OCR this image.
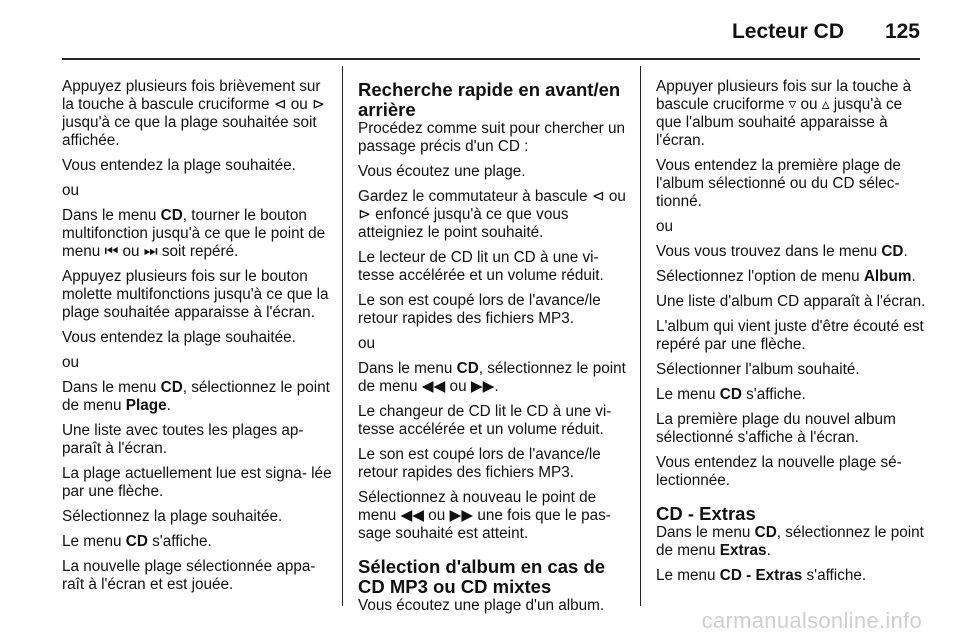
Lecteur CD 125

Appuyez plusieurs fois brièvement sur la touche à bascule cruciforme ⊲ ou ⊳ jusqu'à ce que la plage souhaitée soit affichée.

Vous entendez la plage souhaitée.

ou

Dans le menu CD, tourner le bouton multifonction jusqu'à ce que le point de menu ⏮ ou ⏭ soit repéré.

Appuyez plusieurs fois sur le bouton molette multifonctions jusqu'à ce que la plage souhaitée apparaisse à l'écran.

Vous entendez la plage souhaitée.

ou

Dans le menu CD, sélectionnez le point de menu Plage.

Une liste avec toutes les plages ap‐ paraît à l'écran.

La plage actuellement lue est signa‐ lée par une flèche.

Sélectionnez la plage souhaitée.

Le menu CD s'affiche.

La nouvelle plage sélectionnée appa‐ raît à l'écran et est jouée.

Recherche rapide en avant/en arrière

Procédez comme suit pour chercher un passage précis d'un CD :

Vous écoutez une plage.

Gardez le commutateur à bascule ⊲ ou ⊳ enfoncé jusqu'à ce que vous atteigniez le point souhaité.

Le lecteur de CD lit un CD à une vi‐ tesse accélérée et un volume réduit.

Le son est coupé lors de l'avance/le retour rapides des fichiers MP3.

ou

Dans le menu CD, sélectionnez le point de menu ◀◀ ou ▶▶.

Le changeur de CD lit le CD à une vi‐ tesse accélérée et un volume réduit.

Le son est coupé lors de l'avance/le retour rapides des fichiers MP3.

Sélectionnez à nouveau le point de menu ◀◀ ou ▶▶ une fois que le pas‐ sage souhaité est atteint.

Sélection d'album en cas de CD MP3 ou CD mixtes

Vous écoutez une plage d'un album.

Appuyer plusieurs fois sur la touche à bascule cruciforme ▿ ou ▵ jusqu'à ce que l'album souhaité apparaisse à l'écran.

Vous entendez la première plage de l'album sélectionné ou du CD sélec‐ tionné.

ou

Vous vous trouvez dans le menu CD.

Sélectionnez l'option de menu Album.

Une liste d'album CD apparaît à l'écran.

L'album qui vient juste d'être écouté est repéré par une flèche.

Sélectionner l'album souhaité.

Le menu CD s'affiche.

La première plage du nouvel album sélectionné s'affiche à l'écran.

Vous entendez la nouvelle plage sé‐ lectionnée.

CD - Extras

Dans le menu CD, sélectionnez le point de menu Extras.

Le menu CD - Extras s'affiche.

carmanualsonline.info
